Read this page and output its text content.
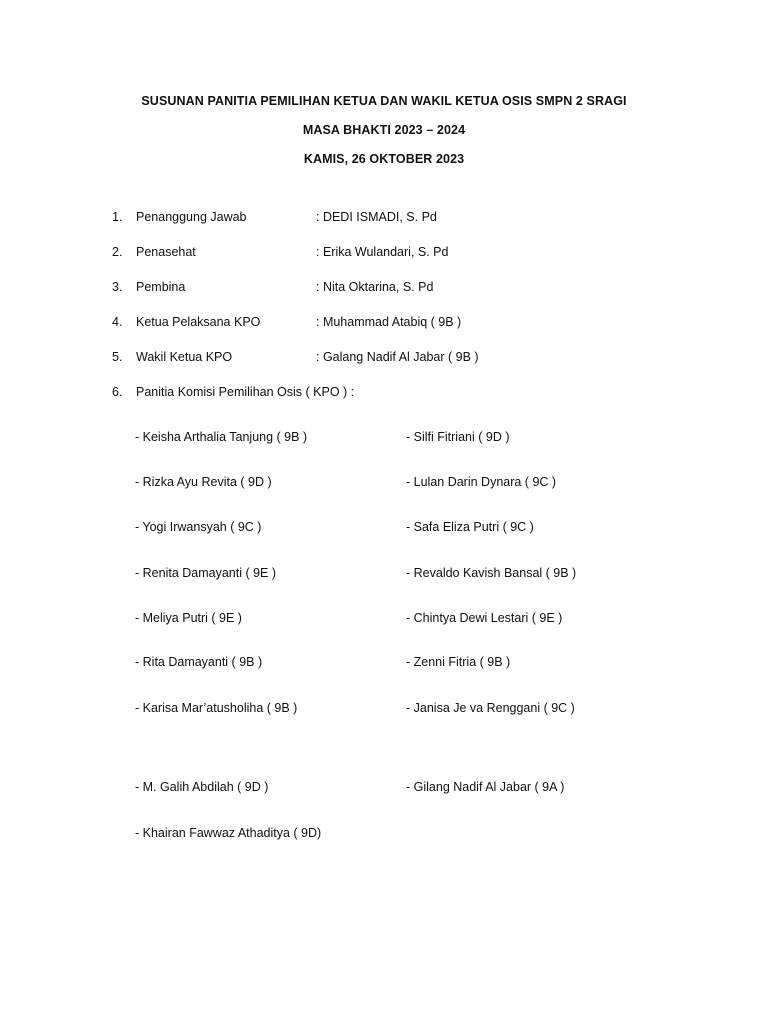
SUSUNAN PANITIA PEMILIHAN KETUA DAN WAKIL KETUA OSIS SMPN 2 SRAGI
MASA BHAKTI 2023 – 2024
KAMIS, 26 OKTOBER 2023
1.	Penanggung Jawab	: DEDI ISMADI, S. Pd
2.	Penasehat	: Erika Wulandari, S. Pd
3.	Pembina	: Nita Oktarina, S. Pd
4.	Ketua Pelaksana KPO	: Muhammad Atabiq ( 9B )
5.	Wakil Ketua KPO	: Galang Nadif Al Jabar ( 9B )
6.	Panitia Komisi Pemilihan Osis ( KPO ) :
- Keisha Arthalia Tanjung ( 9B )	- Silfi Fitriani ( 9D )
- Rizka Ayu Revita ( 9D )	- Lulan Darin Dynara ( 9C )
- Yogi Irwansyah ( 9C )	- Safa Eliza Putri ( 9C )
- Renita Damayanti ( 9E )	- Revaldo Kavish Bansal ( 9B )
- Meliya Putri ( 9E )	- Chintya Dewi Lestari ( 9E )
- Rita Damayanti ( 9B )	- Zenni Fitria ( 9B )
- Karisa Mar’atusholiha ( 9B )	- Janisa Je va Renggani ( 9C )
- M. Galih Abdilah ( 9D )	- Gilang Nadif Al Jabar ( 9A )
- Khairan Fawwaz Athaditya ( 9D)
